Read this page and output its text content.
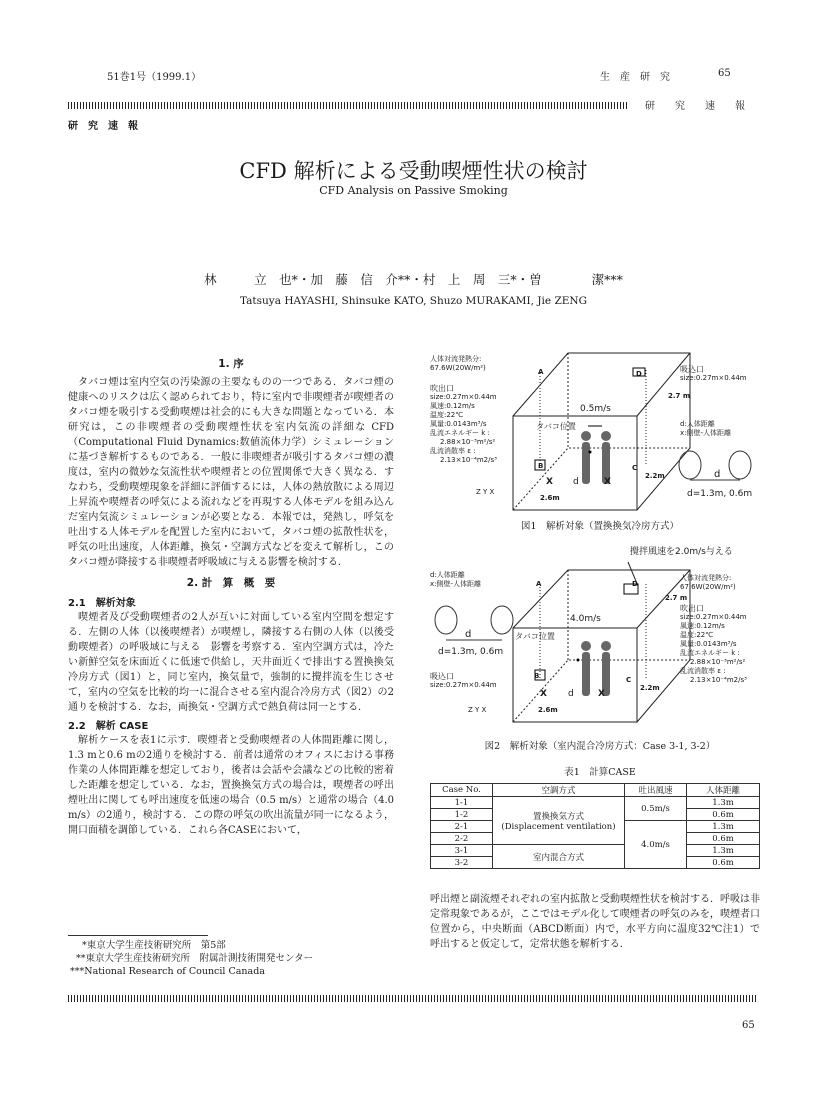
51巻1号（1999.1）	生　産　研　究	65
研　　究　　速　　報
研　究　速　報
CFD 解析による受動喫煙性状の検討
CFD Analysis on Passive Smoking
林　　　立　也*・加　藤　信　介**・村　上　周　三*・曽　　　　潔***
Tatsuya HAYASHI, Shinsuke KATO, Shuzo MURAKAMI, Jie ZENG
1. 序

タバコ煙は室内空気の汚染源の主要なものの一つである．タバコ煙の健康へのリスクは広く認められており，特に室内で非喫煙者が喫煙者のタバコ煙を吸引する受動喫煙は社会的にも大きな問題となっている．本研究は，この非喫煙者の受動喫煙性状を室内気流の詳細な CFD（Computational Fluid Dynamics:数値流体力学）シミュレーションに基づき解析するものである．一般に非喫煙者が吸引するタバコ煙の濃度は，室内の微妙な気流性状や喫煙者との位置関係で大きく異なる．すなわち，受動喫煙現象を詳細に評価するには，人体の熱放散による周辺上昇流や喫煙者の呼気による流れなどを再現する人体モデルを組み込んだ室内気流シミュレーションが必要となる．本報では，発熱し，呼気を吐出する人体モデルを配置した室内において，タバコ煙の拡散性状を，呼気の吐出速度，人体距離，換気・空調方式などを変えて解析し，このタバコ煙が降接する非喫煙者呼吸域に与える影響を検討する．

2. 計　算　概　要
2.1　解析対象

喫煙者及び受動喫煙者の2人が互いに対面している室内空間を想定する．左側の人体（以後喫煙者）が喫煙し，隣接する右側の人体（以後受動喫煙者）の呼吸域に与える　影響を考察する．室内空調方式は，冷たい新鮮空気を床面近くに低速で供給し，天井面近くで排出する置換換気冷房方式（図1）と，同じ室内，換気量で，強制的に攪拌流を生じさせて，室内の空気を比較的均一に混合させる室内混合冷房方式（図2）の2通りを検討する．なお，両換気・空調方式で熱負荷は同一とする．

2.2　解析 CASE

解析ケースを表1に示す．喫煙者と受動喫煙者の人体間距離に関し，1.3 mと0.6 mの2通りを検討する．前者は通常のオフィスにおける事務作業の人体間距離を想定しており，後者は会話や会議などの比較的密着した距離を想定している．なお，置換換気方式の場合は，喫煙者の呼出煙吐出に関しても呼出速度を低速の場合（0.5 m/s）と通常の場合（4.0 m/s）の2通り，検討する．この際の呼気の吹出流量が同一になるよう，開口面積を調節している．これら各CASEにおいて，

*東京大学生産技術研究所　第5部
**東京大学生産技術研究所　附属計測技術開発センター
***National Research of Council Canada
人体対流発熱分:
67.6W(20W/m²)
吹出口
size:0.27m×0.44m
風速:0.12m/s
温度:22℃
風量:0.0143m³/s
乱流エネルギー k :
2.88×10⁻³m²/s²
乱流消散率 ε :
2.13×10⁻⁴m2/s³
吸込口
size:0.27m×0.44m
2.7 m
d:人体距離
x:側壁-人体距離
d=1.3m, 0.6m
d
0.5m/s
タバコ位置
A
B	C
D
X	X
d
2.6m
2.2m
Z Y X
図1　解析対象（置換換気冷房方式）
攪拌風速を2.0m/s与える
d:人体距離
x:側壁-人体距離
d
d=1.3m, 0.6m
吸込口
size:0.27m×0.44m
人体対流発熱分:
67.6W(20W/m²)
2.7 m
吹出口
size:0.27m×0.44m
風速:0.12m/s
温度:22℃
風量:0.0143m³/s
乱流エネルギー k :
2.88×10⁻³m²/s²
乱流消散率 ε :
2.13×10⁻⁴m2/s³
4.0m/s
タバコ位置
A
B	C
D
X	X
d
2.6m
2.2m
Z Y X
図2　解析対象（室内混合冷房方式：Case 3-1, 3-2）
表1　計算CASE
Case No.	空調方式	吐出風速	人体距離
1-1	置換換気方式
(Displacement ventilation)	0.5m/s	1.3m
1-2			0.6m
2-1		4.0m/s	1.3m
2-2			0.6m
3-1	室内混合方式		1.3m
3-2			0.6m

呼出煙と副流煙それぞれの室内拡散と受動喫煙性状を検討する．呼吸は非定常現象であるが，ここではモデル化して喫煙者の呼気のみを，喫煙者口位置から，中央断面（ABCD断面）内で，水平方向に温度32℃注1）で呼出すると仮定して，定常状態を解析する．

65
